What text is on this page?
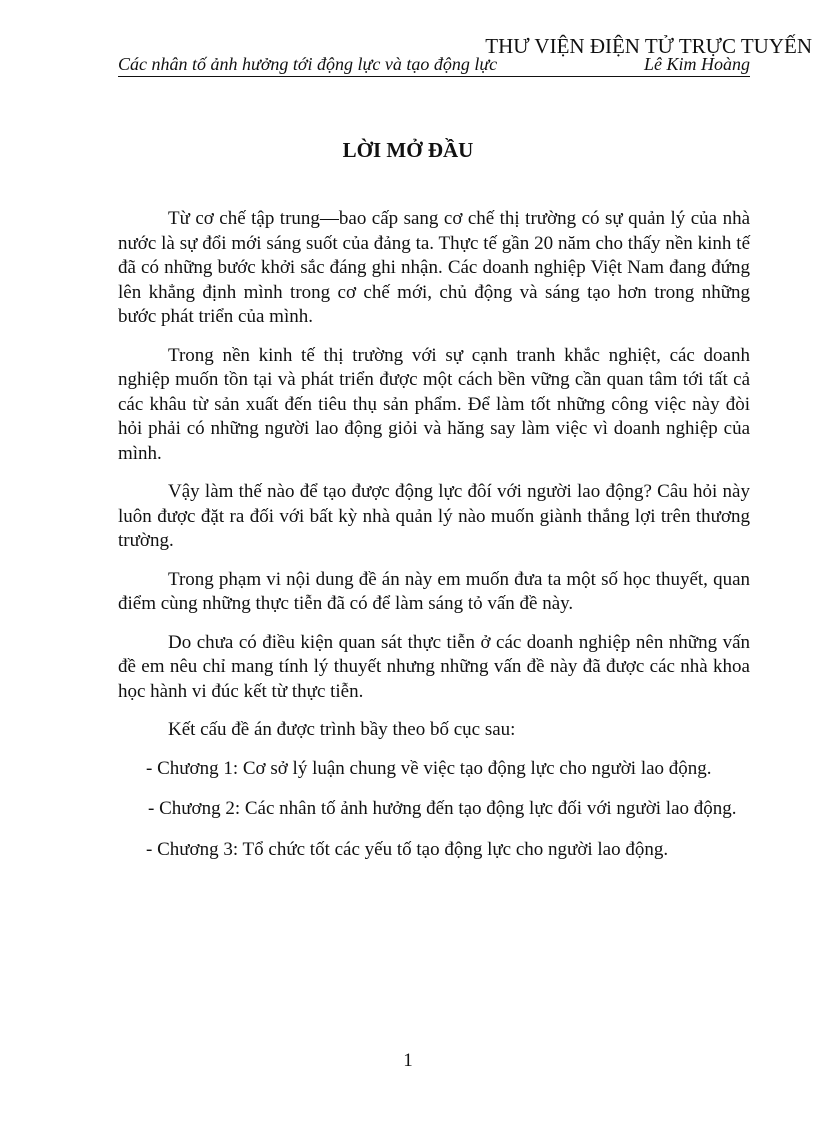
THƯ VIỆN ĐIỆN TỬ TRỰC TUYẾN
Các nhân tố ảnh hưởng tới động lực và tạo động lực	Lê Kim Hoàng
LỜI MỞ ĐẦU

Từ cơ chế tập trung—bao cấp sang cơ chế thị trường có sự quản lý của nhà nước là sự đổi mới sáng suốt của đảng ta. Thực tế gần 20 năm cho thấy nền kinh tế đã có những bước khởi sắc đáng ghi nhận. Các doanh nghiệp Việt Nam đang đứng lên khẳng định mình trong cơ chế mới, chủ động và sáng tạo hơn trong những bước phát triển của mình.

Trong nền kinh tế thị trường với sự cạnh tranh khắc nghiệt, các doanh nghiệp muốn tồn tại và phát triển được một cách bền vững cần quan tâm tới tất cả các khâu từ sản xuất đến tiêu thụ sản phẩm. Để làm tốt những công việc này đòi hỏi phải có những người lao động giỏi và hăng say làm việc vì doanh nghiệp của mình.

Vậy làm thế nào để tạo được động lực đôí với người lao động? Câu hỏi này luôn được đặt ra đối với bất kỳ nhà quản lý nào muốn giành thắng lợi trên thương trường.

Trong phạm vi nội dung đề án này em muốn đưa ta một số học thuyết, quan điểm cùng những thực tiễn đã có để làm sáng tỏ vấn đề này.

Do chưa có điều kiện quan sát thực tiễn ở các doanh nghiệp nên những vấn đề em nêu chỉ mang tính lý thuyết nhưng những vấn đề này đã được các nhà khoa học hành vi đúc kết từ thực tiễn.

Kết cấu đề án được trình bầy theo bố cục sau:

- Chương 1: Cơ sở lý luận chung về việc tạo động lực cho người lao động.

- Chương 2: Các nhân tố ảnh hưởng đến tạo động lực đối với người lao động.

- Chương 3: Tổ chức tốt các yếu tố tạo động lực cho người lao động.

1
